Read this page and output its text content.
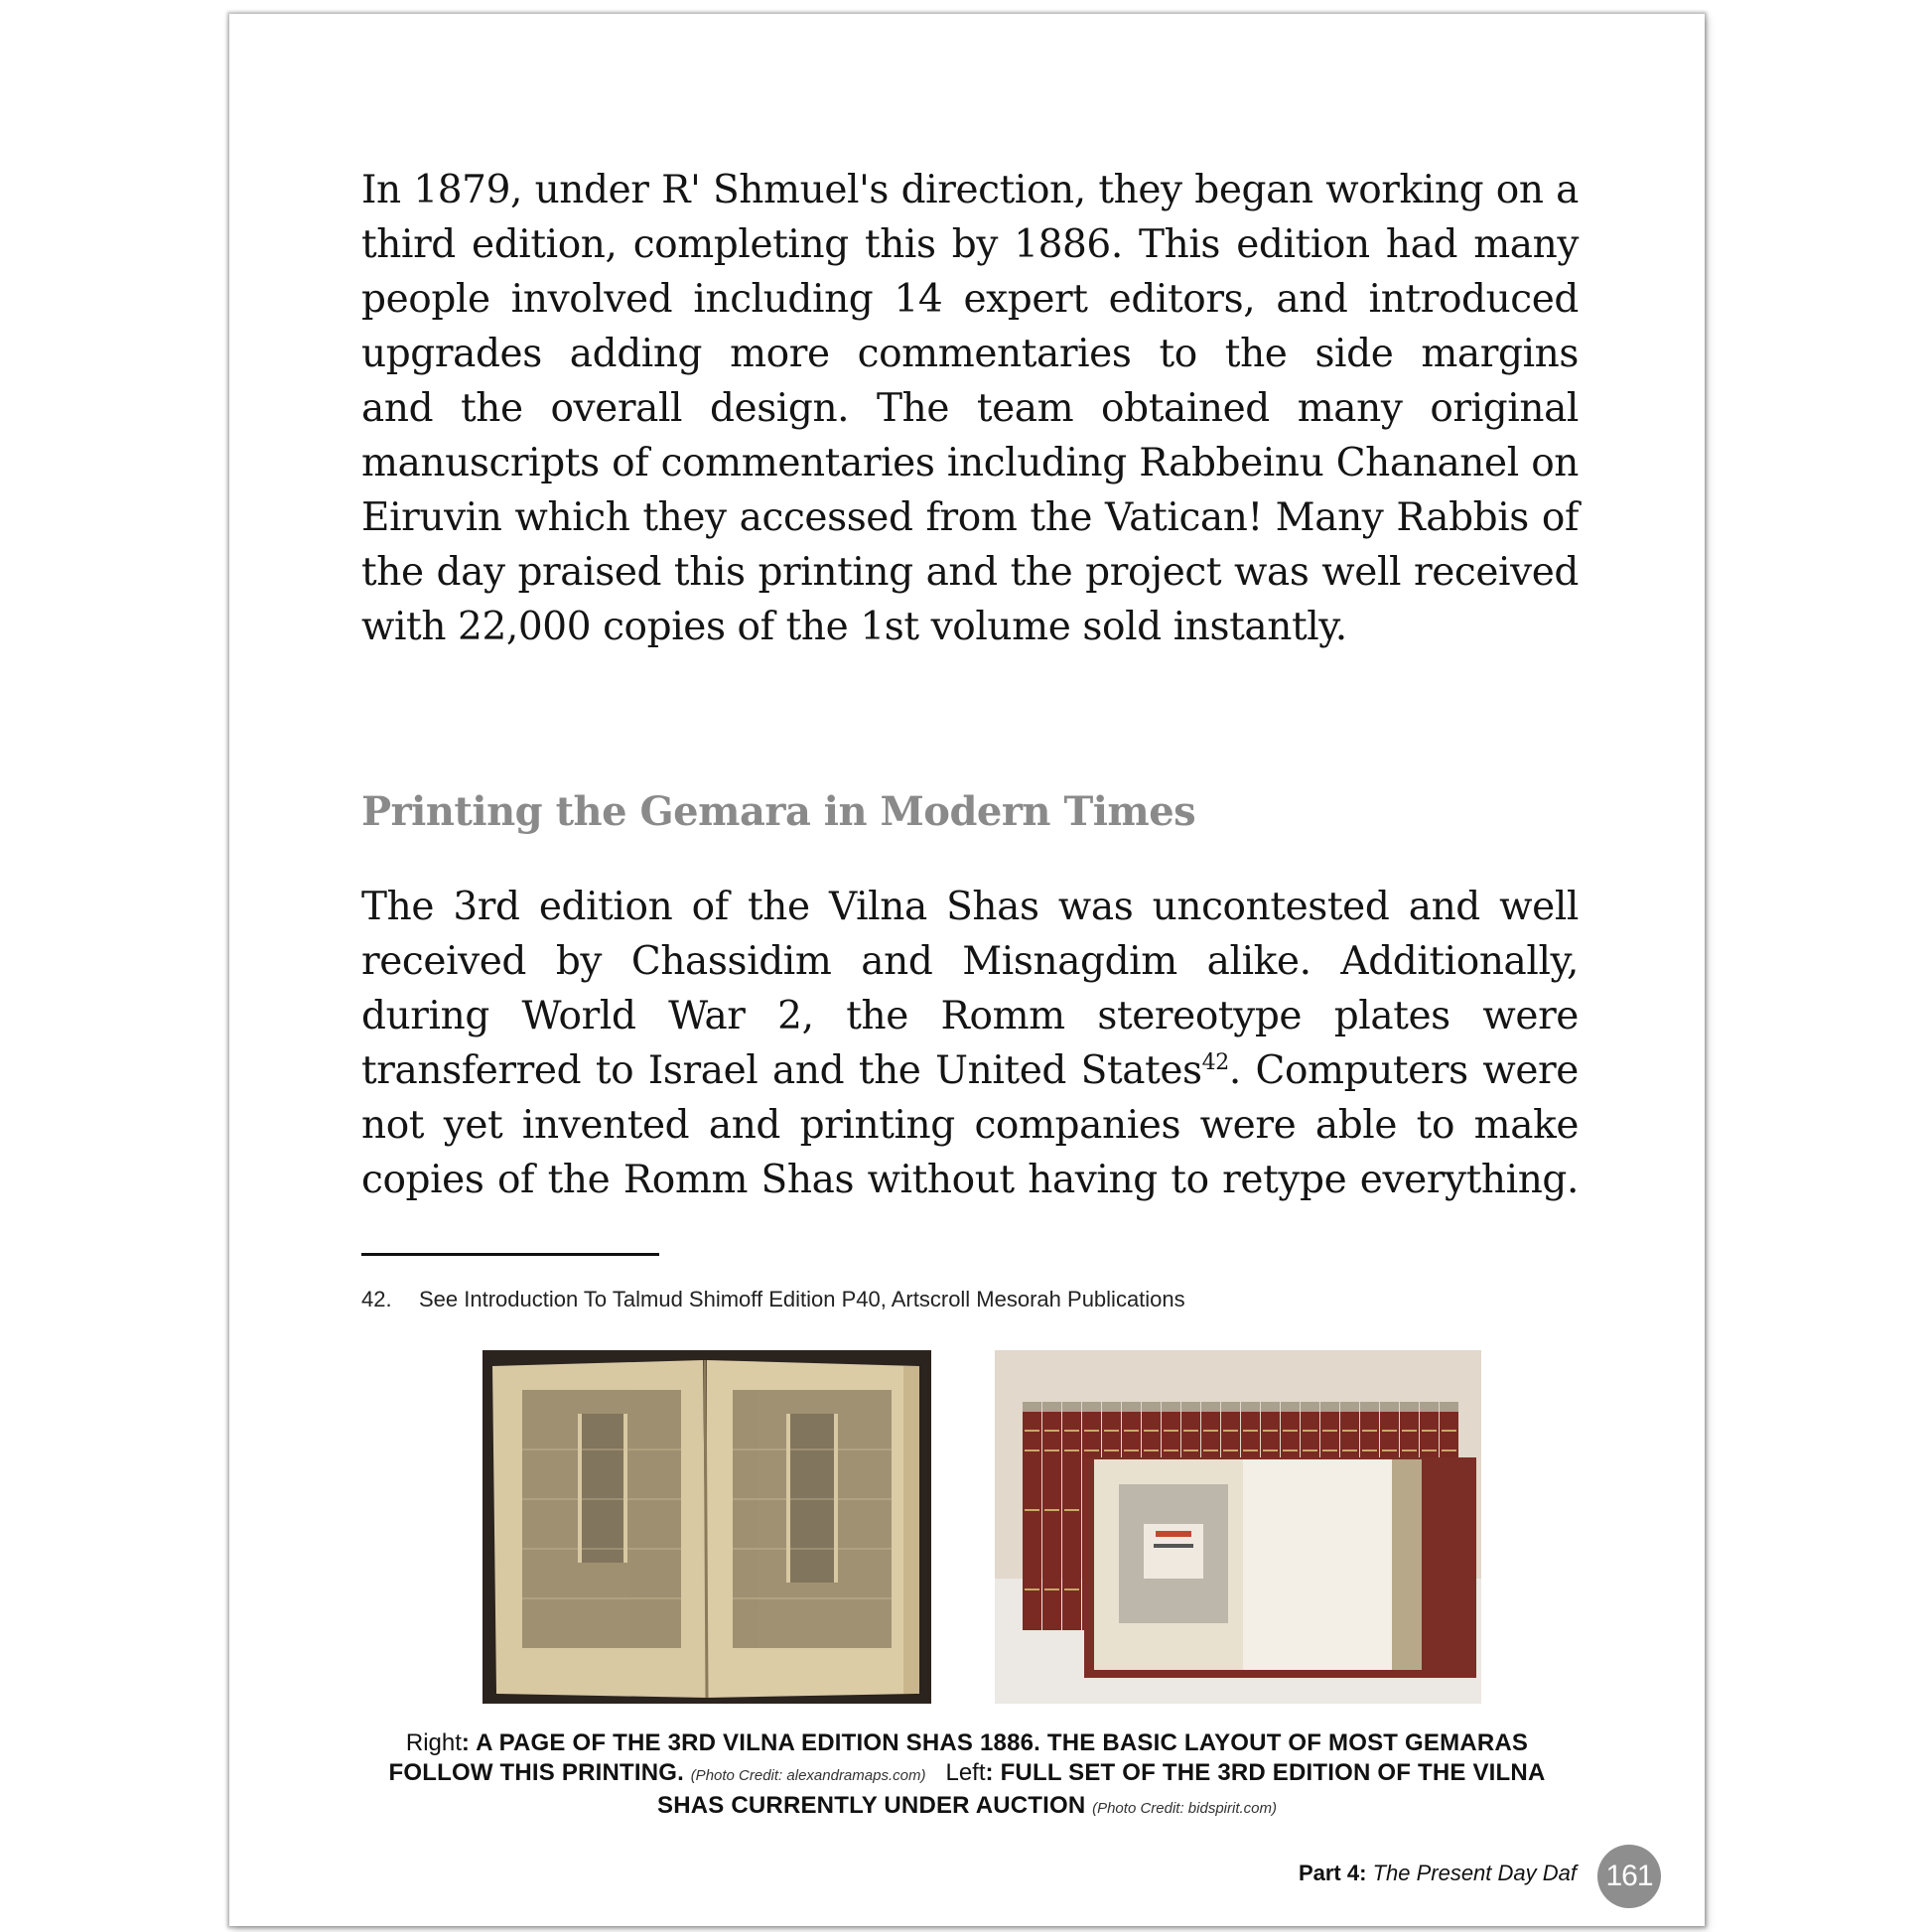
In 1879, under R' Shmuel's direction, they began working on a
third edition, completing this by 1886. This edition had many
people involved including 14 expert editors, and introduced
upgrades adding more commentaries to the side margins
and the overall design. The team obtained many original
manuscripts of commentaries including Rabbeinu Chananel on
Eiruvin which they accessed from the Vatican! Many Rabbis of
the day praised this printing and the project was well received
with 22,000 copies of the 1st volume sold instantly.
Printing the Gemara in Modern Times
The 3rd edition of the Vilna Shas was uncontested and well
received by Chassidim and Misnagdim alike. Additionally,
during World War 2, the Romm stereotype plates were
transferred to Israel and the United States$^{42}$. Computers were
not yet invented and printing companies were able to make
copies of the Romm Shas without having to retype everything.
42. See Introduction To Talmud Shimoff Edition P40, Artscroll Mesorah Publications
Right: A PAGE OF THE 3RD VILNA EDITION SHAS 1886. THE BASIC LAYOUT OF MOST GEMARAS FOLLOW THIS PRINTING. (Photo Credit: alexandramaps.com) Left: FULL SET OF THE 3RD EDITION OF THE VILNA SHAS CURRENTLY UNDER AUCTION (Photo Credit: bidspirit.com)
Part 4: The Present Day Daf 161
